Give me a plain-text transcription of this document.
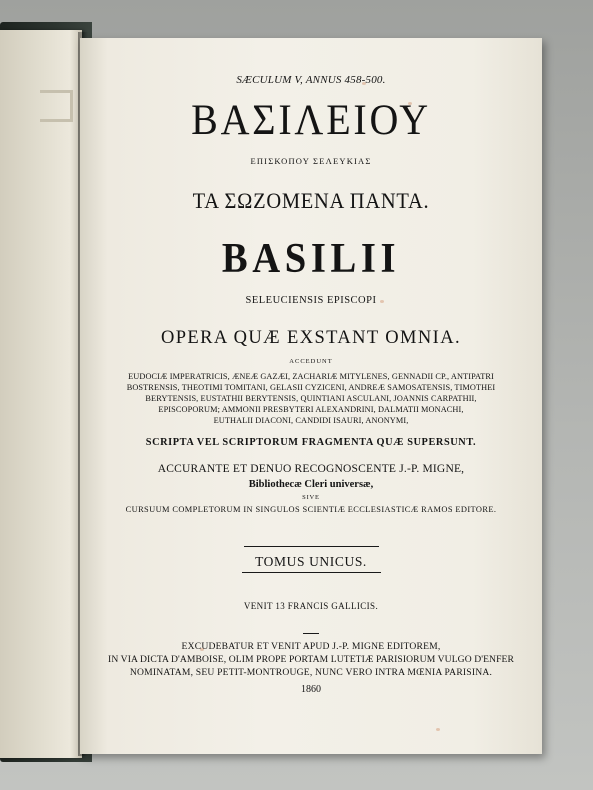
SÆCULUM V, ANNUS 458-500.
ΒΑΣΙΛΕΙΟΥ
ΕΠΙΣΚΟΠΟΥ ΣΕΛΕΥΚΙΑΣ
ΤΑ ΣΩΖΟΜΕΝΑ ΠΑΝΤΑ.
BASILII
SELEUCIENSIS EPISCOPI
OPERA QUÆ EXSTANT OMNIA.
ACCEDUNT
EUDOCIÆ IMPERATRICIS, ÆNEÆ GAZÆI, ZACHARIÆ MITYLENES, GENNADII CP., ANTIPATRI
BOSTRENSIS, THEOTIMI TOMITANI, GELASII CYZICENI, ANDREÆ SAMOSATENSIS, TIMOTHEI
BERYTENSIS, EUSTATHII BERYTENSIS, QUINTIANI ASCULANI, JOANNIS CARPATHII,
EPISCOPORUM; AMMONII PRESBYTERI ALEXANDRINI, DALMATII MONACHI,
EUTHALII DIACONI, CANDIDI ISAURI, ANONYMI,
SCRIPTA VEL SCRIPTORUM FRAGMENTA QUÆ SUPERSUNT.
ACCURANTE ET DENUO RECOGNOSCENTE J.-P. MIGNE,
Bibliothecæ Cleri universæ,
SIVE
CURSUUM COMPLETORUM IN SINGULOS SCIENTIÆ ECCLESIASTICÆ RAMOS EDITORE.
TOMUS UNICUS.
VENIT 13 FRANCIS GALLICIS.
EXCUDEBATUR ET VENIT APUD J.-P. MIGNE EDITOREM,
IN VIA DICTA D'AMBOISE, OLIM PROPE PORTAM LUTETIÆ PARISIORUM VULGO D'ENFER
NOMINATAM, SEU PETIT-MONTROUGE, NUNC VERO INTRA MŒNIA PARISINA.
1860
